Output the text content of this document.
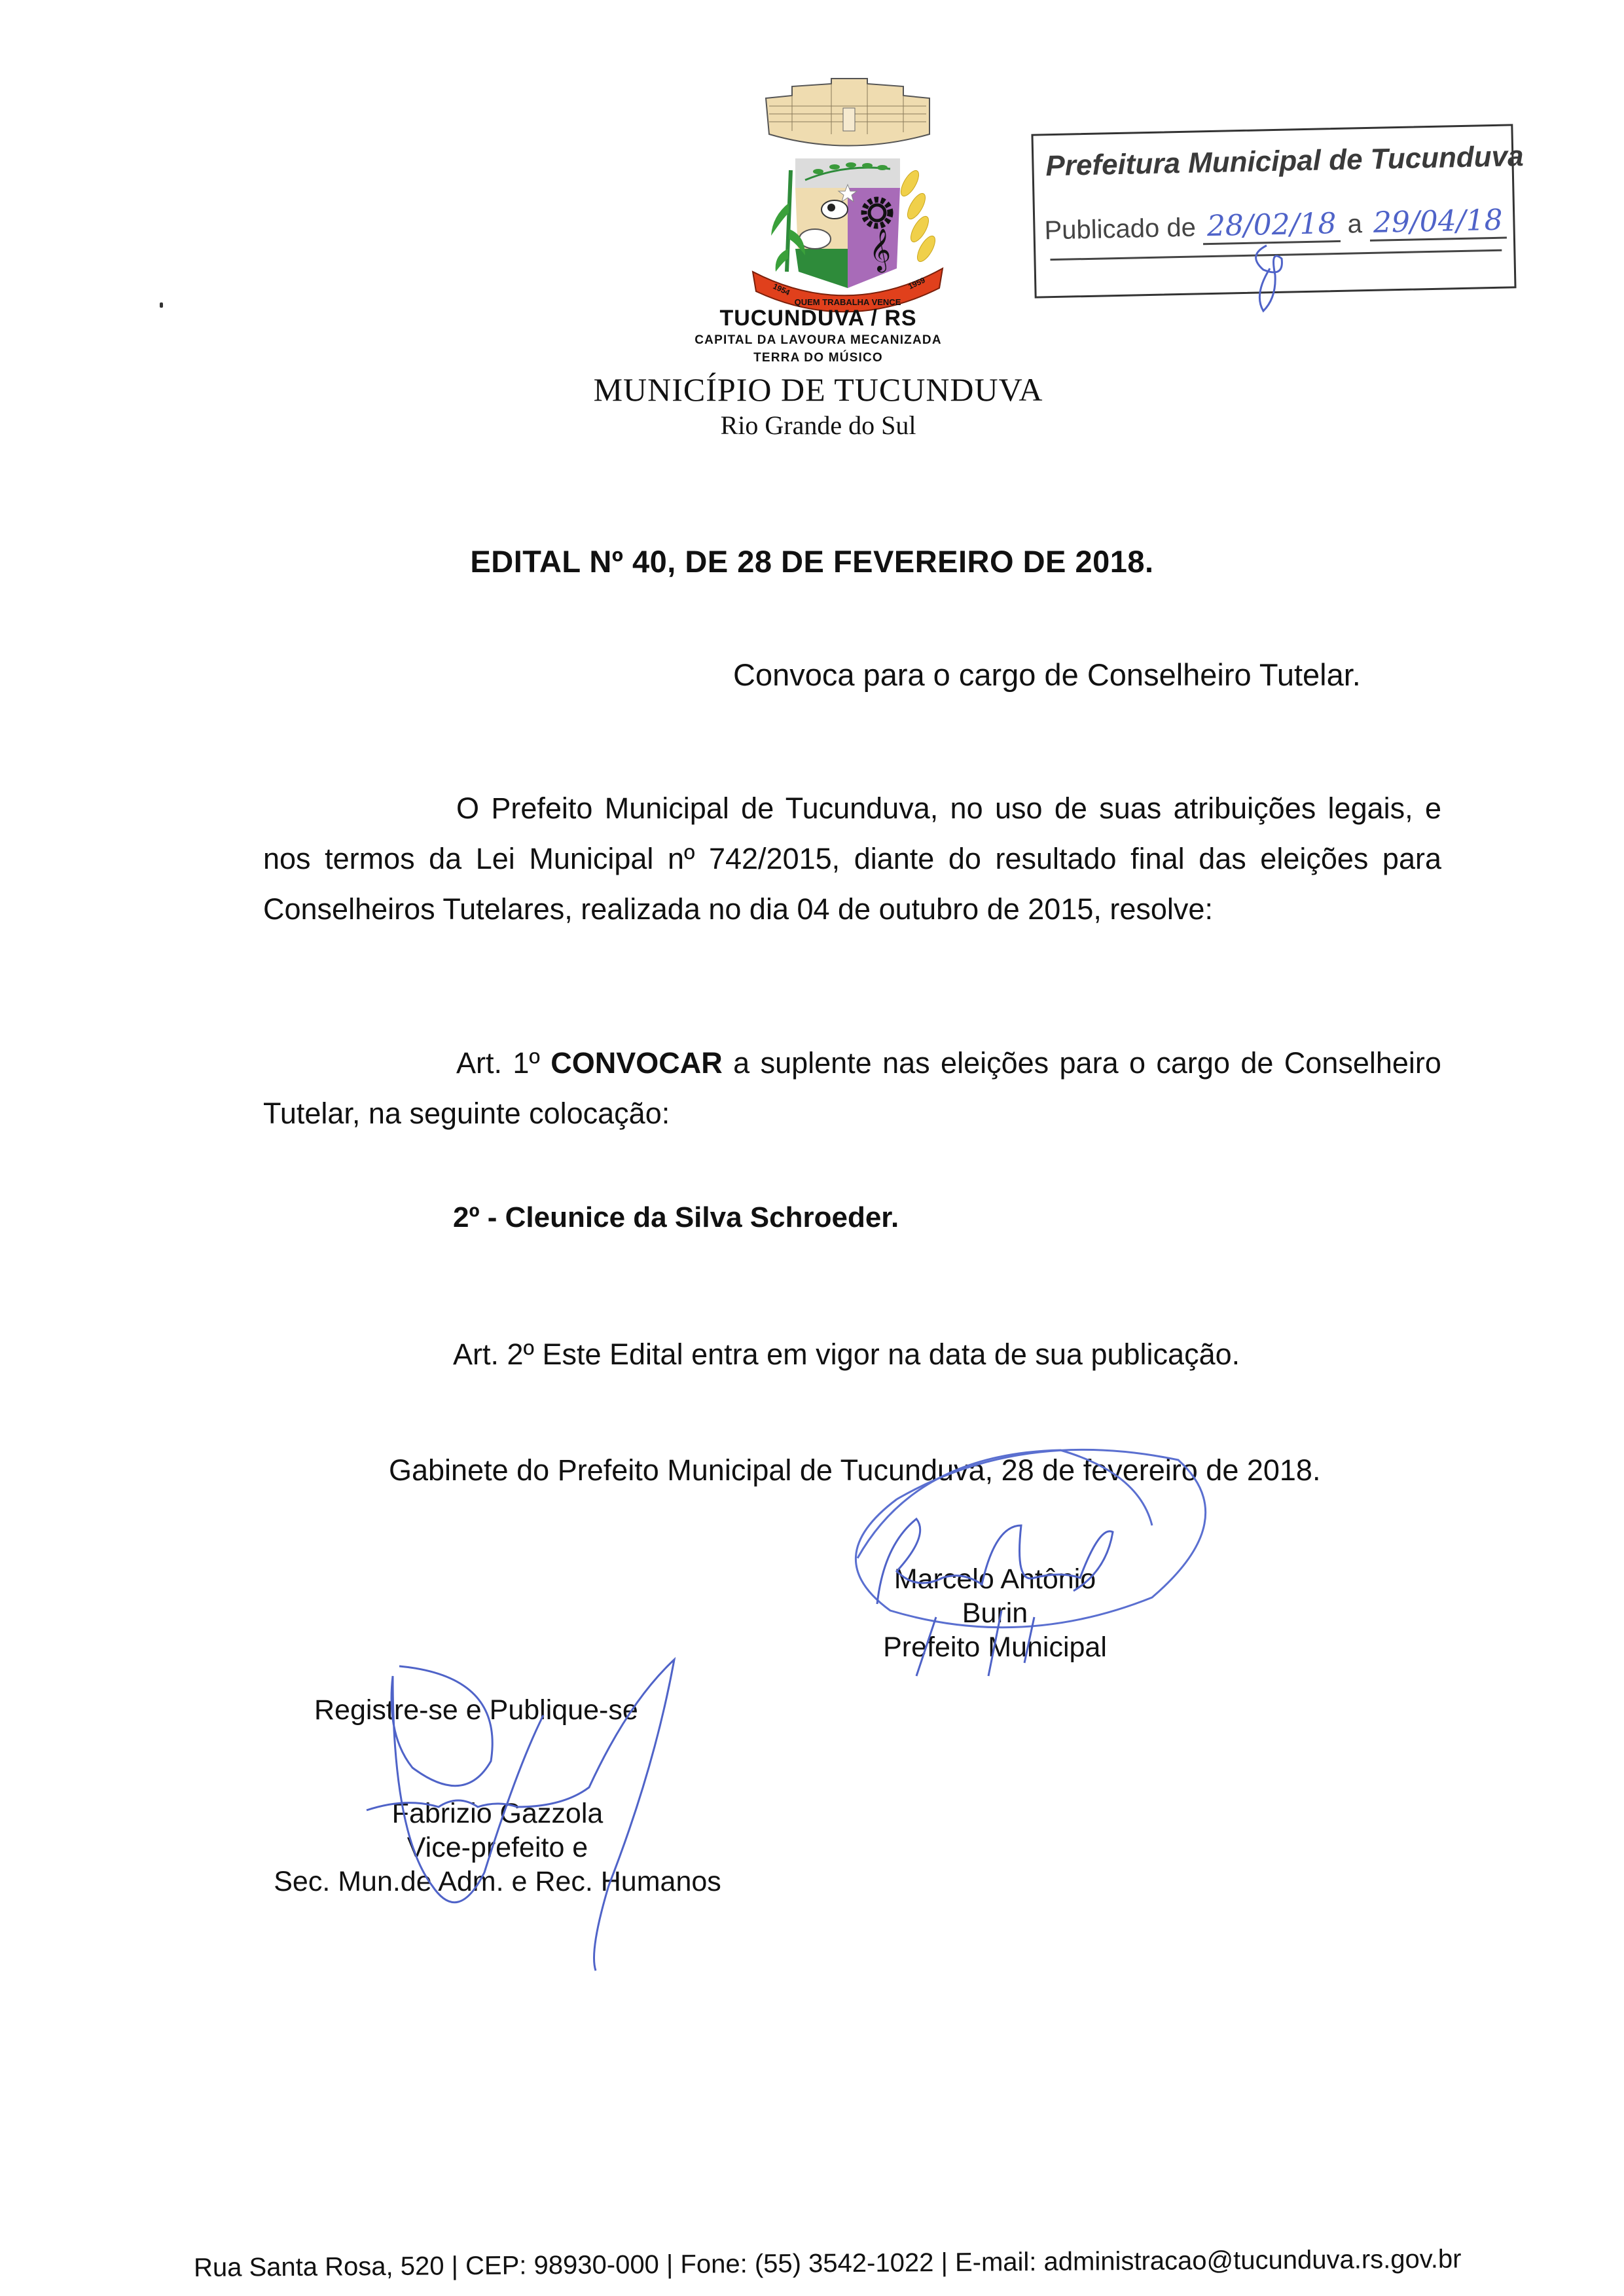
𝄞
QUEM TRABALHA VENCE
1954	1959
TUCUNDUVA / RS
CAPITAL DA LAVOURA MECANIZADA
TERRA DO MÚSICO
MUNICÍPIO DE TUCUNDUVA
Rio Grande do Sul
Prefeitura Municipal de Tucunduva
Publicado de 28/02/18 a 29/04/18
EDITAL Nº 40, DE 28 DE FEVEREIRO DE 2018.
Convoca para o cargo de Conselheiro Tutelar.
O Prefeito Municipal de Tucunduva, no uso de suas atribuições legais, e nos termos da Lei Municipal nº 742/2015, diante do resultado final das eleições para Conselheiros Tutelares, realizada no dia 04 de outubro de 2015, resolve:
Art. 1º CONVOCAR a suplente nas eleições para o cargo de Conselheiro Tutelar, na seguinte colocação:
2º - Cleunice da Silva Schroeder.
Art. 2º Este Edital entra em vigor na data de sua publicação.
Gabinete do Prefeito Municipal de Tucunduva, 28 de fevereiro de 2018.
Marcelo Antônio Burin
Prefeito Municipal
Registre-se e Publique-se
Fabrizio Gazzola
Vice-prefeito e
Sec. Mun.de Adm. e Rec. Humanos
Rua Santa Rosa, 520 | CEP: 98930-000 | Fone: (55) 3542-1022 | E-mail: administracao@tucunduva.rs.gov.br
